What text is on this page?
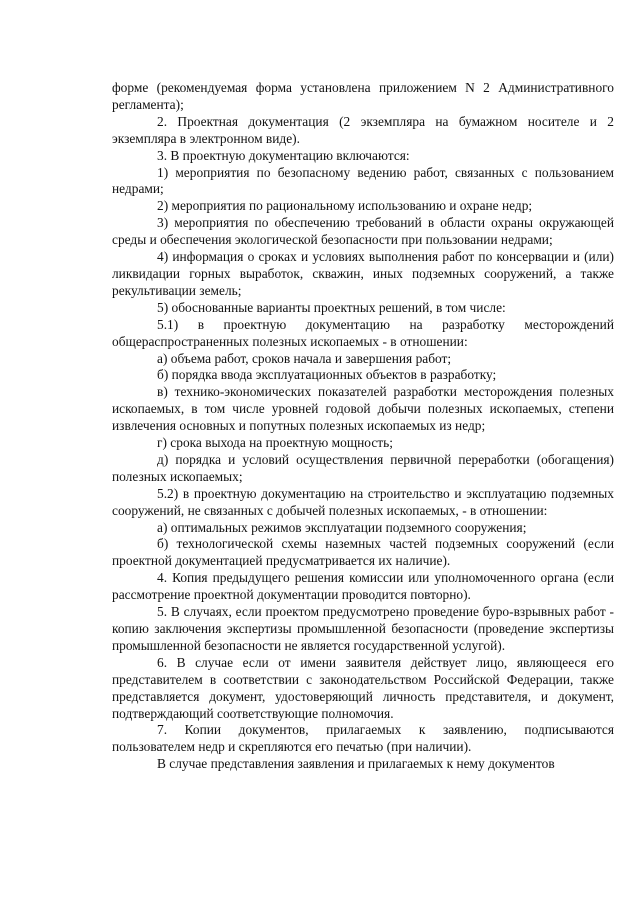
форме (рекомендуемая форма установлена приложением N 2 Административного регламента);

2. Проектная документация (2 экземпляра на бумажном носителе и 2 экземпляра в электронном виде).

3. В проектную документацию включаются:

1) мероприятия по безопасному ведению работ, связанных с пользованием недрами;

2) мероприятия по рациональному использованию и охране недр;

3) мероприятия по обеспечению требований в области охраны окружающей среды и обеспечения экологической безопасности при пользовании недрами;

4) информация о сроках и условиях выполнения работ по консервации и (или) ликвидации горных выработок, скважин, иных подземных сооружений, а также рекультивации земель;

5) обоснованные варианты проектных решений, в том числе:

5.1) в проектную документацию на разработку месторождений общераспространенных полезных ископаемых - в отношении:

а) объема работ, сроков начала и завершения работ;

б) порядка ввода эксплуатационных объектов в разработку;

в) технико-экономических показателей разработки месторождения полезных ископаемых, в том числе уровней годовой добычи полезных ископаемых, степени извлечения основных и попутных полезных ископаемых из недр;

г) срока выхода на проектную мощность;

д) порядка и условий осуществления первичной переработки (обогащения) полезных ископаемых;

5.2) в проектную документацию на строительство и эксплуатацию подземных сооружений, не связанных с добычей полезных ископаемых, - в отношении:

а) оптимальных режимов эксплуатации подземного сооружения;

б) технологической схемы наземных частей подземных сооружений (если проектной документацией предусматривается их наличие).

4. Копия предыдущего решения комиссии или уполномоченного органа (если рассмотрение проектной документации проводится повторно).

5. В случаях, если проектом предусмотрено проведение буро-взрывных работ - копию заключения экспертизы промышленной безопасности (проведение экспертизы промышленной безопасности не является государственной услугой).

6. В случае если от имени заявителя действует лицо, являющееся его представителем в соответствии с законодательством Российской Федерации, также представляется документ, удостоверяющий личность представителя, и документ, подтверждающий соответствующие полномочия.

7. Копии документов, прилагаемых к заявлению, подписываются пользователем недр и скрепляются его печатью (при наличии).

В случае представления заявления и прилагаемых к нему документов
